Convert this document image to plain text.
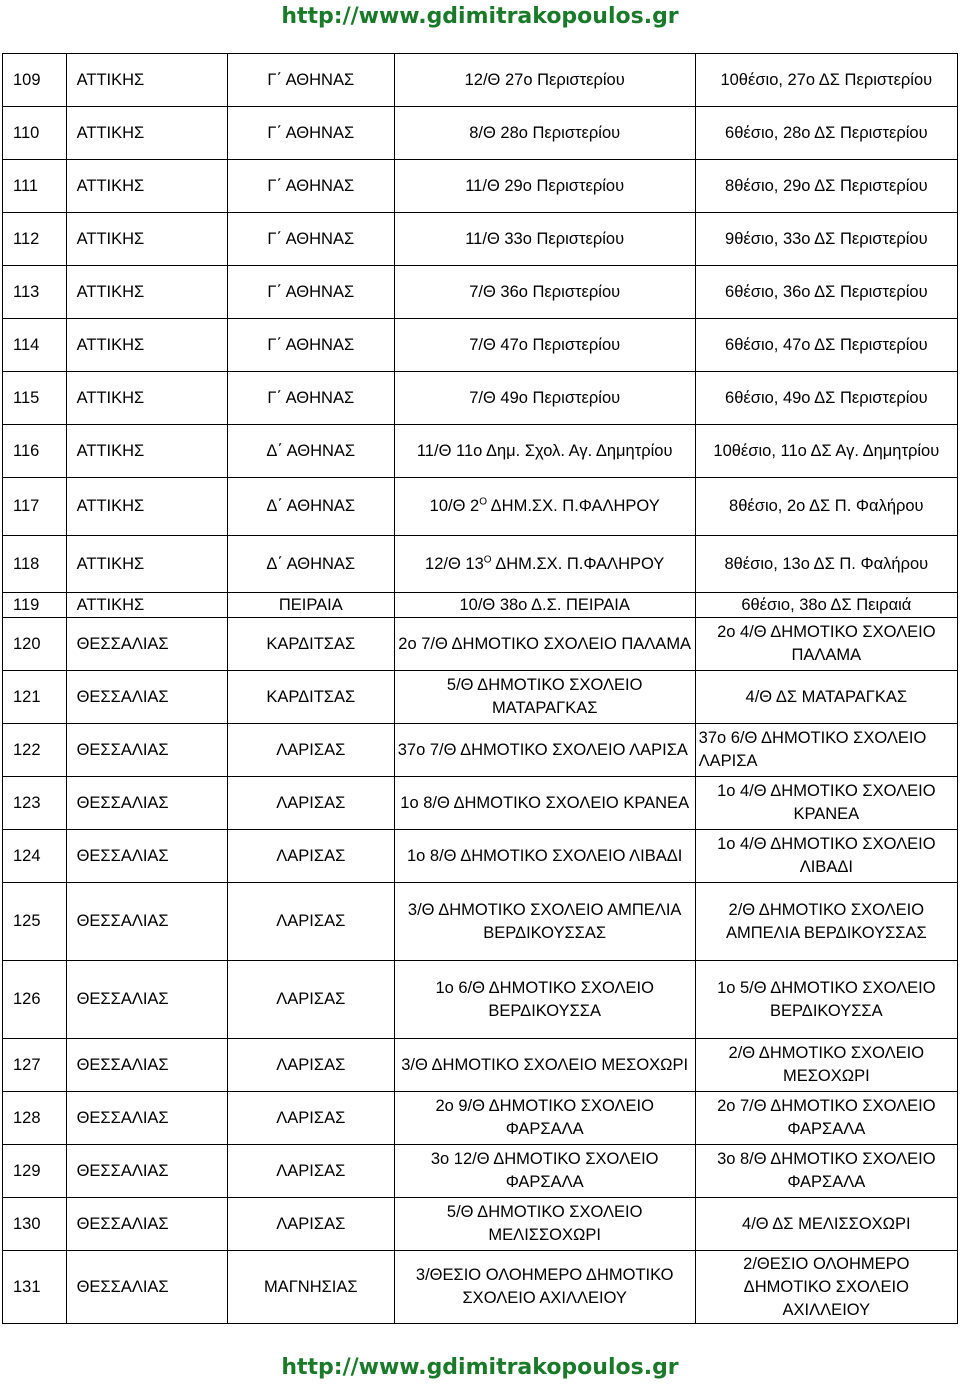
http://www.gdimitrakopoulos.gr
109	ΑΤΤΙΚΗΣ	Γ΄ ΑΘΗΝΑΣ	12/Θ 27ο Περιστερίου	10θέσιο, 27ο ΔΣ Περιστερίου
110	ΑΤΤΙΚΗΣ	Γ΄ ΑΘΗΝΑΣ	8/Θ 28ο Περιστερίου	6θέσιο, 28ο ΔΣ Περιστερίου
111	ΑΤΤΙΚΗΣ	Γ΄ ΑΘΗΝΑΣ	11/Θ 29ο Περιστερίου	8θέσιο, 29ο ΔΣ Περιστερίου
112	ΑΤΤΙΚΗΣ	Γ΄ ΑΘΗΝΑΣ	11/Θ 33ο Περιστερίου	9θέσιο, 33ο ΔΣ Περιστερίου
113	ΑΤΤΙΚΗΣ	Γ΄ ΑΘΗΝΑΣ	7/Θ 36ο Περιστερίου	6θέσιο, 36ο ΔΣ Περιστερίου
114	ΑΤΤΙΚΗΣ	Γ΄ ΑΘΗΝΑΣ	7/Θ 47ο Περιστερίου	6θέσιο, 47ο ΔΣ Περιστερίου
115	ΑΤΤΙΚΗΣ	Γ΄ ΑΘΗΝΑΣ	7/Θ 49ο Περιστερίου	6θέσιο, 49ο ΔΣ Περιστερίου
116	ΑΤΤΙΚΗΣ	Δ΄ ΑΘΗΝΑΣ	11/Θ 11ο Δημ. Σχολ. Αγ. Δημητρίου	10θέσιο, 11ο ΔΣ Αγ. Δημητρίου
117	ΑΤΤΙΚΗΣ	Δ΄ ΑΘΗΝΑΣ	10/Θ $2^O$ ΔΗΜ.ΣΧ. Π.ΦΑΛΗΡΟΥ	8θέσιο, 2ο ΔΣ Π. Φαλήρου
118	ΑΤΤΙΚΗΣ	Δ΄ ΑΘΗΝΑΣ	12/Θ $13^O$ ΔΗΜ.ΣΧ. Π.ΦΑΛΗΡΟΥ	8θέσιο, 13ο ΔΣ Π. Φαλήρου
119	ΑΤΤΙΚΗΣ	ΠΕΙΡΑΙΑ	10/Θ 38ο Δ.Σ. ΠΕΙΡΑΙΑ	6θέσιο, 38ο ΔΣ Πειραιά
120	ΘΕΣΣΑΛΙΑΣ	ΚΑΡΔΙΤΣΑΣ	2ο 7/Θ ΔΗΜΟΤΙΚΟ ΣΧΟΛΕΙΟ ΠΑΛΑΜΑ	2ο 4/Θ ΔΗΜΟΤΙΚΟ ΣΧΟΛΕΙΟ ΠΑΛΑΜΑ
121	ΘΕΣΣΑΛΙΑΣ	ΚΑΡΔΙΤΣΑΣ	5/Θ ΔΗΜΟΤΙΚΟ ΣΧΟΛΕΙΟ ΜΑΤΑΡΑΓΚΑΣ	4/Θ ΔΣ ΜΑΤΑΡΑΓΚΑΣ
122	ΘΕΣΣΑΛΙΑΣ	ΛΑΡΙΣΑΣ	37ο 7/Θ ΔΗΜΟΤΙΚΟ ΣΧΟΛΕΙΟ ΛΑΡΙΣΑ	37ο 6/Θ ΔΗΜΟΤΙΚΟ ΣΧΟΛΕΙΟ ΛΑΡΙΣΑ
123	ΘΕΣΣΑΛΙΑΣ	ΛΑΡΙΣΑΣ	1ο 8/Θ ΔΗΜΟΤΙΚΟ ΣΧΟΛΕΙΟ ΚΡΑΝΕΑ	1ο 4/Θ ΔΗΜΟΤΙΚΟ ΣΧΟΛΕΙΟ ΚΡΑΝΕΑ
124	ΘΕΣΣΑΛΙΑΣ	ΛΑΡΙΣΑΣ	1ο 8/Θ ΔΗΜΟΤΙΚΟ ΣΧΟΛΕΙΟ ΛΙΒΑΔΙ	1ο 4/Θ ΔΗΜΟΤΙΚΟ ΣΧΟΛΕΙΟ ΛΙΒΑΔΙ
125	ΘΕΣΣΑΛΙΑΣ	ΛΑΡΙΣΑΣ	3/Θ ΔΗΜΟΤΙΚΟ ΣΧΟΛΕΙΟ ΑΜΠΕΛΙΑ ΒΕΡΔΙΚΟΥΣΣΑΣ	2/Θ ΔΗΜΟΤΙΚΟ ΣΧΟΛΕΙΟ ΑΜΠΕΛΙΑ ΒΕΡΔΙΚΟΥΣΣΑΣ
126	ΘΕΣΣΑΛΙΑΣ	ΛΑΡΙΣΑΣ	1ο 6/Θ ΔΗΜΟΤΙΚΟ ΣΧΟΛΕΙΟ ΒΕΡΔΙΚΟΥΣΣΑ	1ο 5/Θ ΔΗΜΟΤΙΚΟ ΣΧΟΛΕΙΟ ΒΕΡΔΙΚΟΥΣΣΑ
127	ΘΕΣΣΑΛΙΑΣ	ΛΑΡΙΣΑΣ	3/Θ ΔΗΜΟΤΙΚΟ ΣΧΟΛΕΙΟ ΜΕΣΟΧΩΡΙ	2/Θ ΔΗΜΟΤΙΚΟ ΣΧΟΛΕΙΟ ΜΕΣΟΧΩΡΙ
128	ΘΕΣΣΑΛΙΑΣ	ΛΑΡΙΣΑΣ	2ο 9/Θ ΔΗΜΟΤΙΚΟ ΣΧΟΛΕΙΟ ΦΑΡΣΑΛΑ	2ο 7/Θ ΔΗΜΟΤΙΚΟ ΣΧΟΛΕΙΟ ΦΑΡΣΑΛΑ
129	ΘΕΣΣΑΛΙΑΣ	ΛΑΡΙΣΑΣ	3ο 12/Θ ΔΗΜΟΤΙΚΟ ΣΧΟΛΕΙΟ ΦΑΡΣΑΛΑ	3ο 8/Θ ΔΗΜΟΤΙΚΟ ΣΧΟΛΕΙΟ ΦΑΡΣΑΛΑ
130	ΘΕΣΣΑΛΙΑΣ	ΛΑΡΙΣΑΣ	5/Θ ΔΗΜΟΤΙΚΟ ΣΧΟΛΕΙΟ ΜΕΛΙΣΣΟΧΩΡΙ	4/Θ ΔΣ ΜΕΛΙΣΣΟΧΩΡΙ
131	ΘΕΣΣΑΛΙΑΣ	ΜΑΓΝΗΣΙΑΣ	3/ΘΕΣΙΟ ΟΛΟΗΜΕΡΟ ΔΗΜΟΤΙΚΟ ΣΧΟΛΕΙΟ ΑΧΙΛΛΕΙΟΥ	2/ΘΕΣΙΟ ΟΛΟΗΜΕΡΟ ΔΗΜΟΤΙΚΟ ΣΧΟΛΕΙΟ ΑΧΙΛΛΕΙΟΥ
http://www.gdimitrakopoulos.gr
